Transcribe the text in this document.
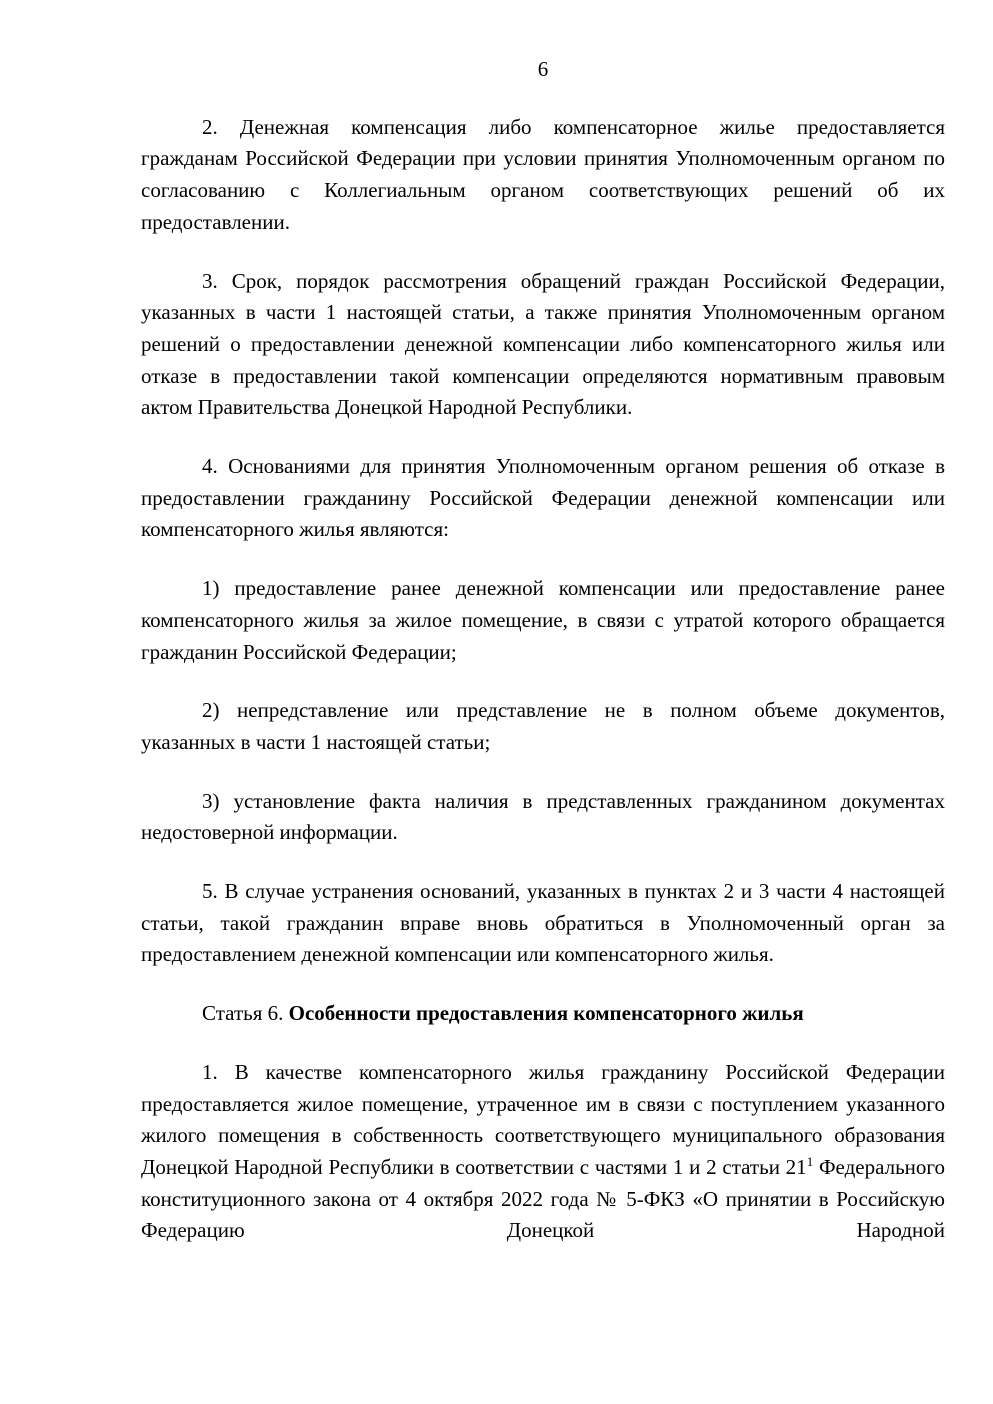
6

2. Денежная компенсация либо компенсаторное жилье предоставляется гражданам Российской Федерации при условии принятия Уполномоченным органом по согласованию с Коллегиальным органом соответствующих решений об их предоставлении.

3. Срок, порядок рассмотрения обращений граждан Российской Федерации, указанных в части 1 настоящей статьи, а также принятия Уполномоченным органом решений о предоставлении денежной компенсации либо компенсаторного жилья или отказе в предоставлении такой компенсации определяются нормативным правовым актом Правительства Донецкой Народной Республики.

4. Основаниями для принятия Уполномоченным органом решения об отказе в предоставлении гражданину Российской Федерации денежной компенсации или компенсаторного жилья являются:

1) предоставление ранее денежной компенсации или предоставление ранее компенсаторного жилья за жилое помещение, в связи с утратой которого обращается гражданин Российской Федерации;

2) непредставление или представление не в полном объеме документов, указанных в части 1 настоящей статьи;

3) установление факта наличия в представленных гражданином документах недостоверной информации.

5. В случае устранения оснований, указанных в пунктах 2 и 3 части 4 настоящей статьи, такой гражданин вправе вновь обратиться в Уполномоченный орган за предоставлением денежной компенсации или компенсаторного жилья.

Статья 6. Особенности предоставления компенсаторного жилья

1. В качестве компенсаторного жилья гражданину Российской Федерации предоставляется жилое помещение, утраченное им в связи с поступлением указанного жилого помещения в собственность соответствующего муниципального образования Донецкой Народной Республики в соответствии с частями 1 и 2 статьи $21^1$ Федерального конституционного закона от 4 октября 2022 года № 5-ФКЗ «О принятии в Российскую Федерацию Донецкой Народной
